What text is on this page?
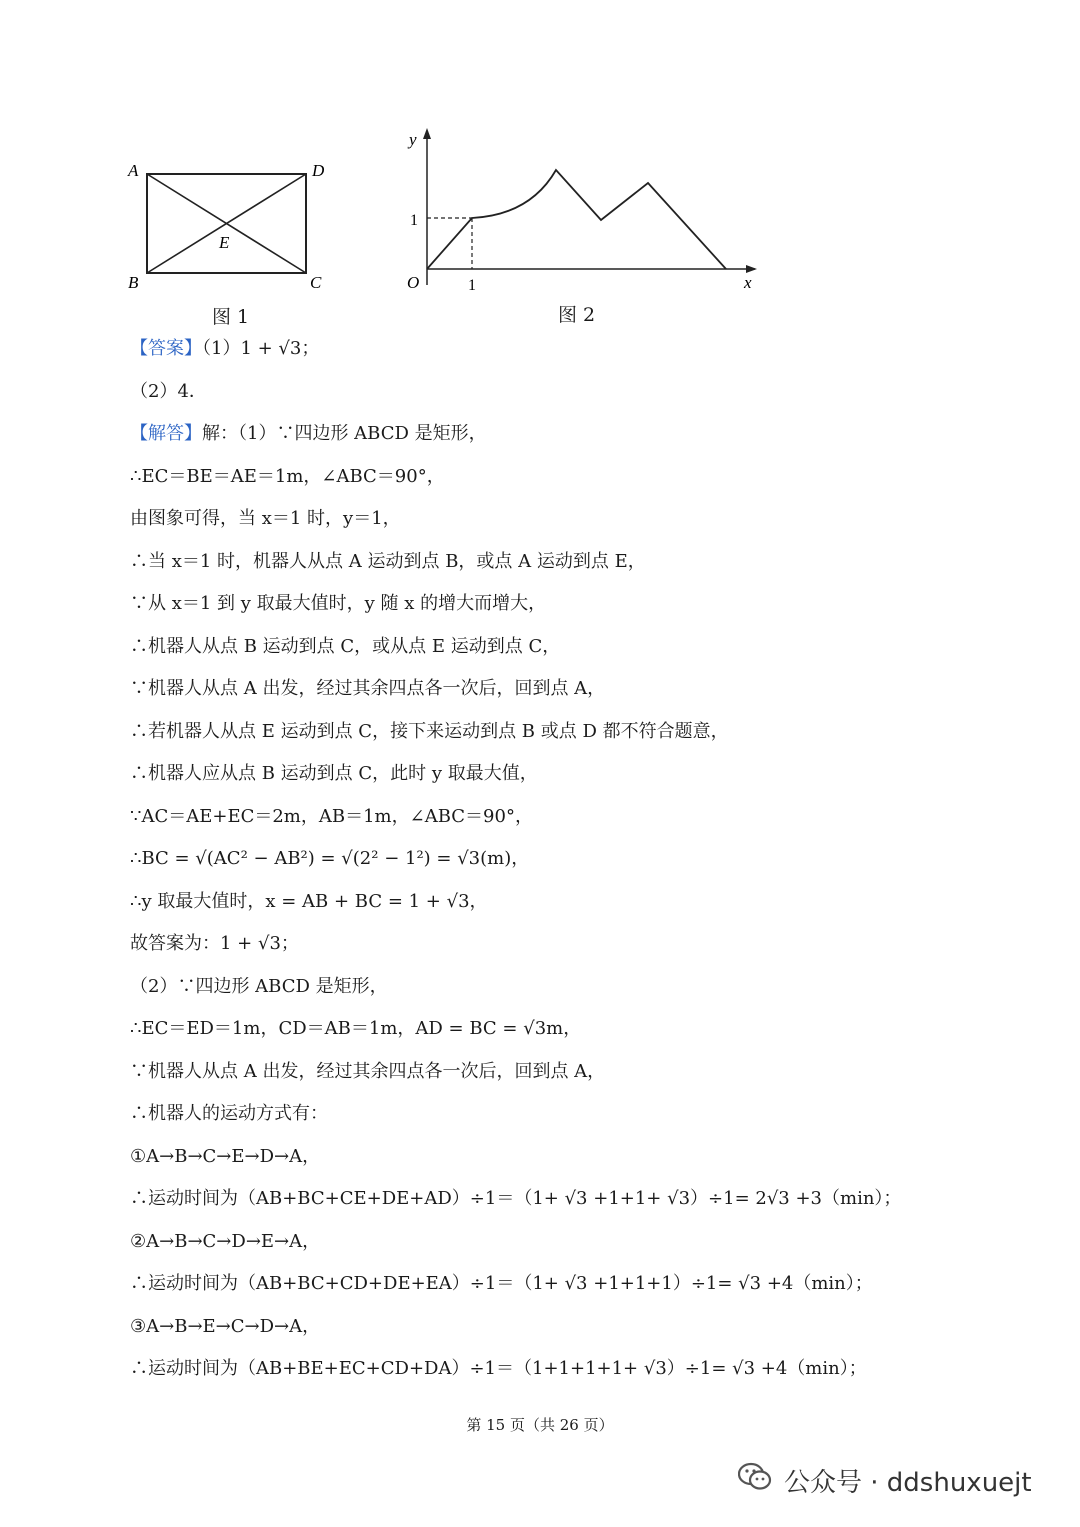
A	D
B	C
E
图 1
y
x
O
1
1
图 2
【答案】（1）1 + √3；
（2）4．
【解答】解：（1）∵四边形 ABCD 是矩形，
∴EC＝BE＝AE＝1m，∠ABC＝90°，
由图象可得，当 x＝1 时，y＝1，
∴当 x＝1 时，机器人从点 A 运动到点 B，或点 A 运动到点 E，
∵从 x＝1 到 y 取最大值时，y 随 x 的增大而增大，
∴机器人从点 B 运动到点 C，或从点 E 运动到点 C，
∵机器人从点 A 出发，经过其余四点各一次后，回到点 A，
∴若机器人从点 E 运动到点 C，接下来运动到点 B 或点 D 都不符合题意，
∴机器人应从点 B 运动到点 C，此时 y 取最大值，
∵AC＝AE+EC＝2m，AB＝1m，∠ABC＝90°，
∴BC = √(AC² − AB²) = √(2² − 1²) = √3(m)，
∴y 取最大值时，x = AB + BC = 1 + √3，
故答案为：1 + √3；
（2）∵四边形 ABCD 是矩形，
∴EC＝ED＝1m，CD＝AB＝1m，AD = BC = √3m，
∵机器人从点 A 出发，经过其余四点各一次后，回到点 A，
∴机器人的运动方式有：
①A→B→C→E→D→A，
∴运动时间为（AB+BC+CE+DE+AD）÷1＝（1+ √3 +1+1+ √3）÷1= 2√3 +3（min）；
②A→B→C→D→E→A，
∴运动时间为（AB+BC+CD+DE+EA）÷1＝（1+ √3 +1+1+1）÷1= √3 +4（min）；
③A→B→E→C→D→A，
∴运动时间为（AB+BE+EC+CD+DA）÷1＝（1+1+1+1+ √3）÷1= √3 +4（min）；
第 15 页（共 26 页）
公众号 · ddshuxuejt
